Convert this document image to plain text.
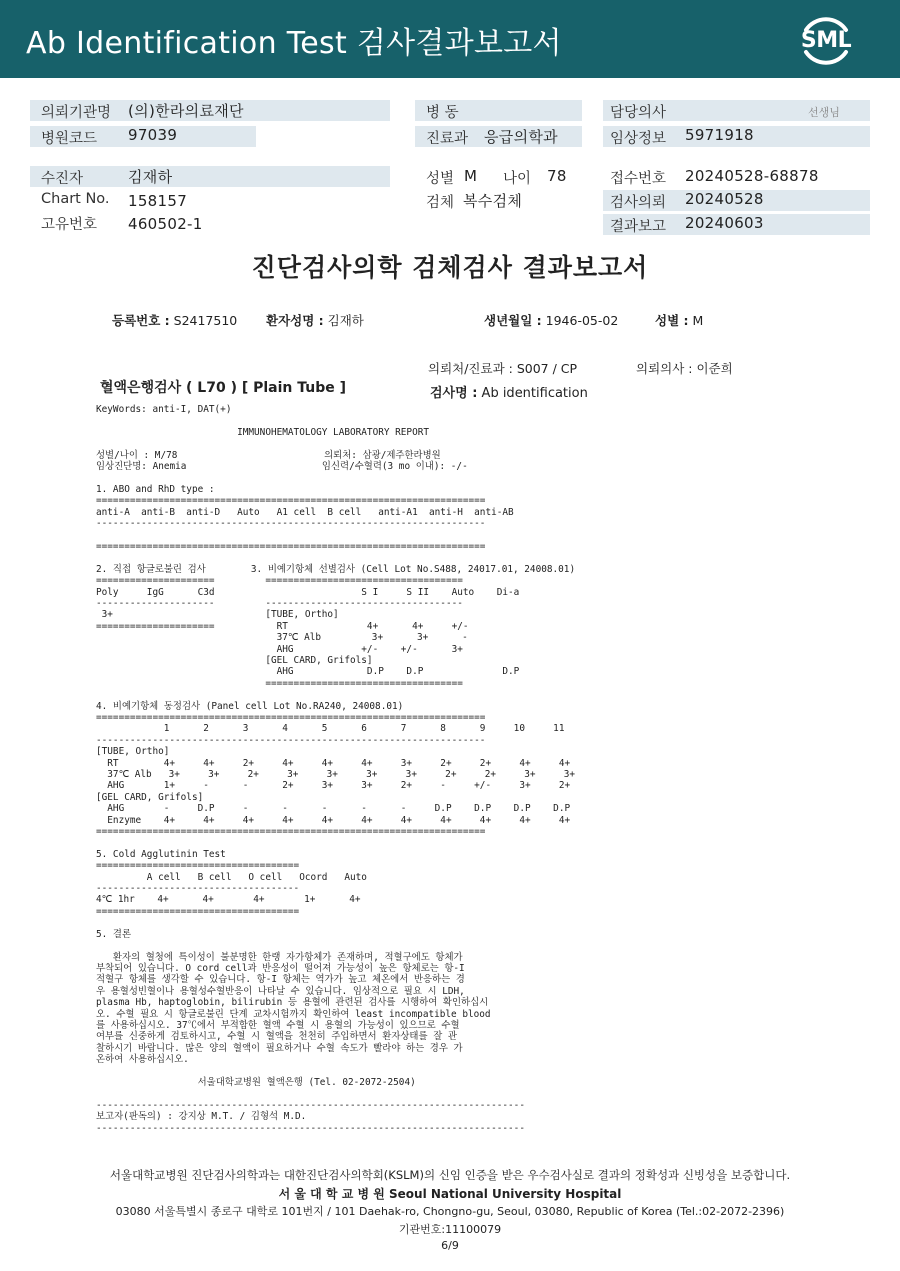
Ab Identification Test 검사결과보고서	SML
의뢰기관명 (의)한라의료재단
병원코드 97039
병 동
진료과 응급의학과
담당의사	선생님
임상정보 5971918
수진자	김재하
Chart No. 158157
고유번호 460502-1
성별 M 나이 78
검체 복수검체
접수번호 20240528-68878
검사의뢰 20240528
결과보고 20240603
진단검사의학 검체검사 결과보고서
등록번호 : S2417510 환자성명 : 김재하	생년월일 : 1946-05-02	성별 : M
의뢰처/진료과 : S007 / CP	의뢰의사 : 이준희
혈액은행검사 ( L70 ) [ Plain Tube ]	검사명 : Ab identification
KeyWords: anti-I, DAT(+)

IMMUNOHEMATOLOGY LABORATORY REPORT

성별/나이 : M/78                          의뢰처: 삼광/제주한라병원
임상진단명: Anemia                        임신력/수혈력(3 mo 이내): -/-

1. ABO and RhD type :
=====================================================================
anti-A  anti-B  anti-D   Auto   A1 cell  B cell   anti-A1  anti-H  anti-AB
---------------------------------------------------------------------

=====================================================================

2. 직접 항글로불린 검사        3. 비예기항체 선별검사 (Cell Lot No.S488, 24017.01, 24008.01)
=====================         ===================================
Poly     IgG      C3d                          S I     S II    Auto    Di-a
---------------------         -----------------------------------
3+                           [TUBE, Ortho]
=====================           RT              4+      4+     +/-
37℃ Alb         3+      3+      -
AHG            +/-    +/-      3+
[GEL CARD, Grifols]
AHG             D.P    D.P              D.P
===================================

4. 비예기항체 동정검사 (Panel cell Lot No.RA240, 24008.01)
=====================================================================
1      2      3      4      5      6      7      8      9     10     11
---------------------------------------------------------------------
[TUBE, Ortho]
RT        4+     4+     2+     4+     4+     4+     3+     2+     2+     4+     4+
37℃ Alb   3+     3+     2+     3+     3+     3+     3+     2+     2+     3+     3+
AHG       1+     -      -      2+     3+     3+     2+     -     +/-     3+     2+
[GEL CARD, Grifols]
AHG       -     D.P     -      -      -      -      -     D.P    D.P    D.P    D.P
Enzyme    4+     4+     4+     4+     4+     4+     4+     4+     4+     4+     4+
=====================================================================

5. Cold Agglutinin Test
====================================
A cell   B cell   O cell   Ocord   Auto
------------------------------------
4℃ 1hr    4+      4+       4+       1+      4+
====================================

5. 결론

환자의 혈청에 특이성이 불분명한 한랭 자가항체가 존재하며, 적혈구에도 항체가
부착되어 있습니다. O cord cell과 반응성이 떨어져 가능성이 높은 항체로는 항-I
적혈구 항체를 생각할 수 있습니다. 항-I 항체는 역가가 높고 체온에서 반응하는 경
우 용혈성빈혈이나 용혈성수혈반응이 나타날 수 있습니다. 임상적으로 필요 시 LDH,
plasma Hb, haptoglobin, bilirubin 등 용혈에 관련된 검사를 시행하여 확인하십시
오. 수혈 필요 시 항글로불린 단계 교차시험까지 확인하여 least incompatible blood
를 사용하십시오. 37℃에서 부적합한 혈액 수혈 시 용혈의 가능성이 있으므로 수혈
여부를 신중하게 검토하시고, 수혈 시 혈액을 천천히 주입하면서 환자상태를 잘 관
찰하시기 바랍니다. 많은 양의 혈액이 필요하거나 수혈 속도가 빨라야 하는 경우 가
온하여 사용하십시오.

서울대학교병원 혈액은행 (Tel. 02-2072-2504)

----------------------------------------------------------------------------
보고자(판독의) : 강지상 M.T. / 김형석 M.D.
----------------------------------------------------------------------------
서울대학교병원 진단검사의학과는 대한진단검사의학회(KSLM)의 신임 인증을 받은 우수검사실로 결과의 정확성과 신빙성을 보증합니다.
서 울 대 학 교 병 원 Seoul National University Hospital
03080 서울특별시 종로구 대학로 101번지 / 101 Daehak-ro, Chongno-gu, Seoul, 03080, Republic of Korea (Tel.:02-2072-2396)
기관번호:11100079
6/9
